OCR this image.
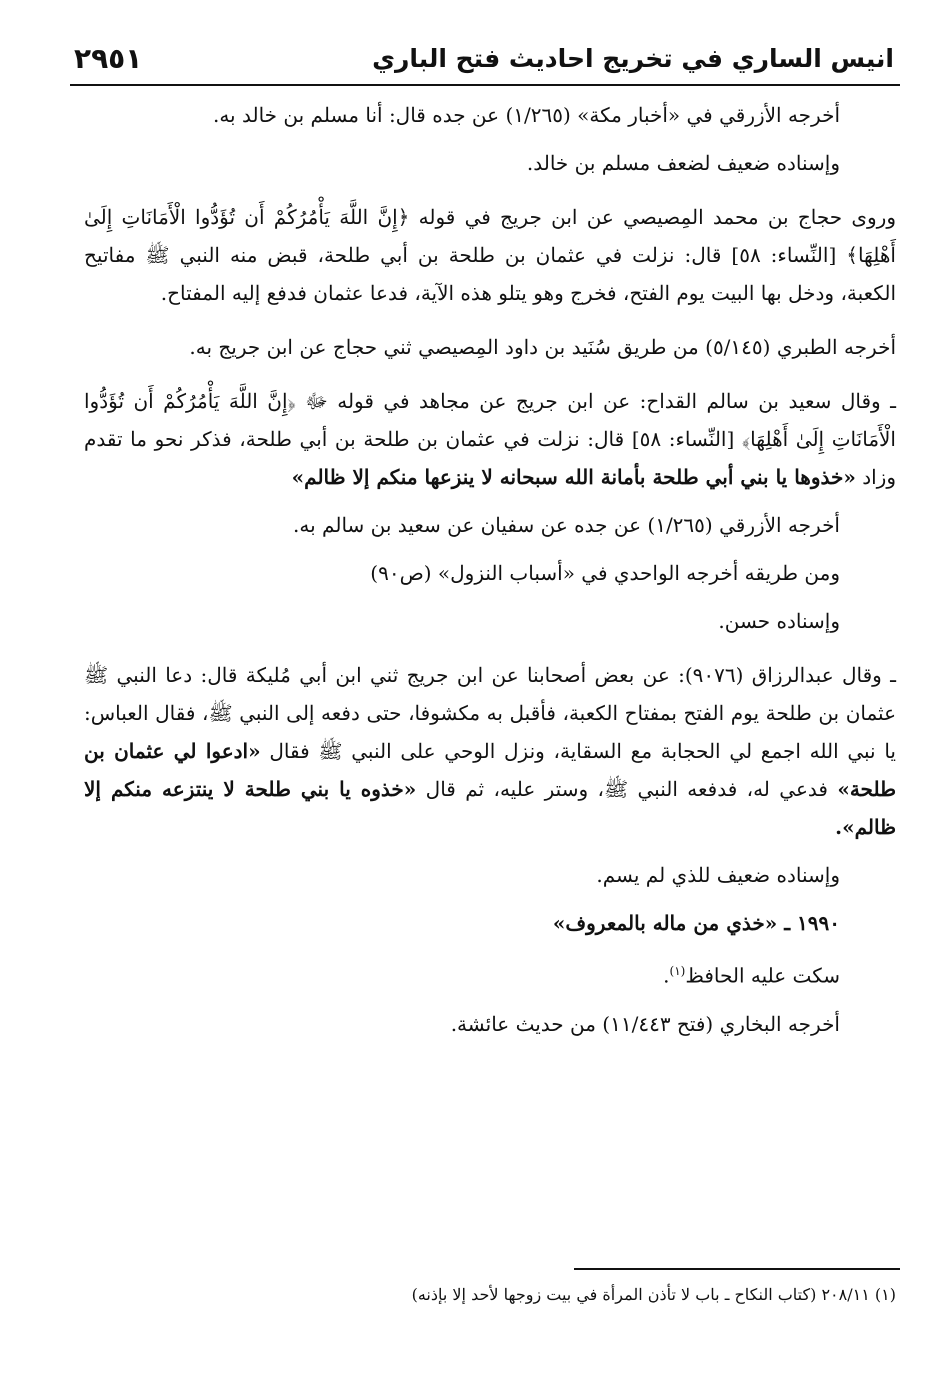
انيس الساري في تخريج احاديث فتح الباري
٢٩٥١

أخرجه الأزرقي في «أخبار مكة» (١/٢٦٥) عن جده قال: أنا مسلم بن خالد به.

وإسناده ضعيف لضعف مسلم بن خالد.

وروى حجاج بن محمد المِصيصي عن ابن جريج في قوله ﴿إِنَّ اللَّهَ يَأْمُرُكُمْ أَن تُؤَدُّوا الْأَمَانَاتِ إِلَىٰ أَهْلِهَا﴾ [النِّساء: ٥٨] قال: نزلت في عثمان بن طلحة بن أبي طلحة، قبض منه النبي ﷺ مفاتيح الكعبة، ودخل بها البيت يوم الفتح، فخرج وهو يتلو هذه الآية، فدعا عثمان فدفع إليه المفتاح.

أخرجه الطبري (٥/١٤٥) من طريق سُنَيد بن داود المِصيصي ثني حجاج عن ابن جريج به.

ـ وقال سعيد بن سالم القداح: عن ابن جريج عن مجاهد في قوله ﷻ ﴿إِنَّ اللَّهَ يَأْمُرُكُمْ أَن تُؤَدُّوا الْأَمَانَاتِ إِلَىٰ أَهْلِهَا﴾ [النِّساء: ٥٨] قال: نزلت في عثمان بن طلحة بن أبي طلحة، فذكر نحو ما تقدم وزاد «خذوها يا بني أبي طلحة بأمانة الله سبحانه لا ينزعها منكم إلا ظالم»

أخرجه الأزرقي (١/٢٦٥) عن جده عن سفيان عن سعيد بن سالم به.

ومن طريقه أخرجه الواحدي في «أسباب النزول» (ص٩٠)

وإسناده حسن.

ـ وقال عبدالرزاق (٩٠٧٦): عن بعض أصحابنا عن ابن جريج ثني ابن أبي مُليكة قال: دعا النبي ﷺ عثمان بن طلحة يوم الفتح بمفتاح الكعبة، فأقبل به مكشوفا، حتى دفعه إلى النبي ﷺ، فقال العباس: يا نبي الله اجمع لي الحجابة مع السقاية، ونزل الوحي على النبي ﷺ فقال «ادعوا لي عثمان بن طلحة» فدعي له، فدفعه النبي ﷺ، وستر عليه، ثم قال «خذوه يا بني طلحة لا ينتزعه منكم إلا ظالم».

وإسناده ضعيف للذي لم يسم.

١٩٩٠ ـ «خذي من ماله بالمعروف»

سكت عليه الحافظ$^{(١)}$.

أخرجه البخاري (فتح ١١/٤٤٣) من حديث عائشة.

(١) ٢٠٨/١١ (كتاب النكاح ـ باب لا تأذن المرأة في بيت زوجها لأحد إلا بإذنه)
